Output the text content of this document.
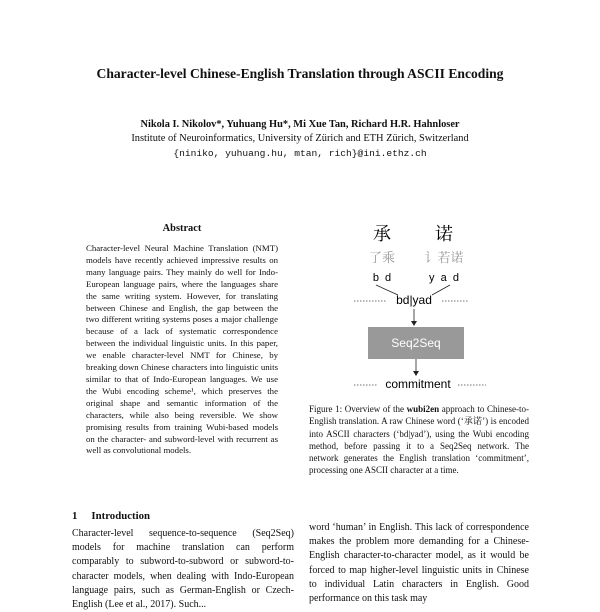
Character-level Chinese-English Translation through ASCII Encoding
Nikola I. Nikolov*, Yuhuang Hu*, Mi Xue Tan, Richard H.R. Hahnloser
Institute of Neuroinformatics, University of Zürich and ETH Zürich, Switzerland
{niniko, yuhuang.hu, mtan, rich}@ini.ethz.ch
Abstract
Character-level Neural Machine Translation (NMT) models have recently achieved impressive results on many language pairs. They mainly do well for Indo-European language pairs, where the languages share the same writing system. However, for translating between Chinese and English, the gap between the two different writing systems poses a major challenge because of a lack of systematic correspondence between the individual linguistic units. In this paper, we enable character-level NMT for Chinese, by breaking down Chinese characters into linguistic units similar to that of Indo-European languages. We use the Wubi encoding scheme¹, which preserves the original shape and semantic information of the characters, while also being reversible. We show promising results from training Wubi-based models on the character- and subword-level with recurrent as well as convolutional models.
承 诺
了乘 讠若诺
b  d	y  a  d
bd|yad
Seq2Seq
commitment
Figure 1: Overview of the wubi2en approach to Chinese-to-English translation. A raw Chinese word (‘承诺’) is encoded into ASCII characters (‘bd|yad’), using the Wubi encoding method, before passing it to a Seq2Seq network. The network generates the English translation ‘commitment’, processing one ASCII character at a time.
1 Introduction
Character-level sequence-to-sequence (Seq2Seq) models for machine translation can perform comparably to subword-to-subword or subword-to-character models, when dealing with Indo-European language pairs, such as German-English or Czech-English (Lee et al., 2017). Such...
word ‘human’ in English. This lack of correspondence makes the problem more demanding for a Chinese-English character-to-character model, as it would be forced to map higher-level linguistic units in Chinese to individual Latin characters in English. Good performance on this task may
